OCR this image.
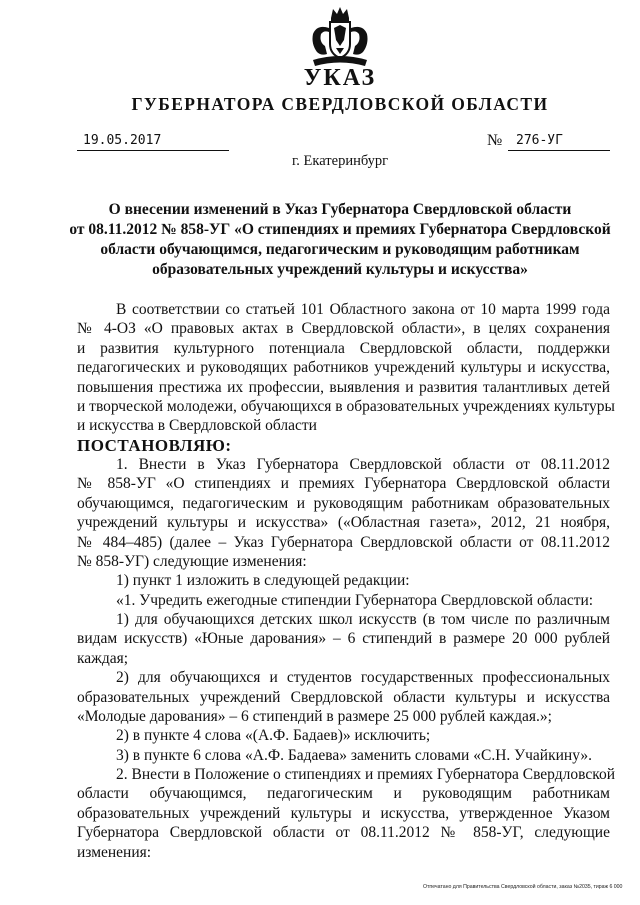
УКАЗ
ГУБЕРНАТОРА СВЕРДЛОВСКОЙ ОБЛАСТИ
19.05.2017	№	276-УГ
г. Екатеринбург
О внесении изменений в Указ Губернатора Свердловской области
от 08.11.2012 № 858-УГ «О стипендиях и премиях Губернатора Свердловской
области обучающимся, педагогическим и руководящим работникам
образовательных учреждений культуры и искусства»
В соответствии со статьей 101 Областного закона от 10 марта 1999 года
№ 4-ОЗ «О правовых актах в Свердловской области», в целях сохранения
и развития культурного потенциала Свердловской области, поддержки
педагогических и руководящих работников учреждений культуры и искусства,
повышения престижа их профессии, выявления и развития талантливых детей
и творческой молодежи, обучающихся в образовательных учреждениях культуры
и искусства в Свердловской области
ПОСТАНОВЛЯЮ:
1. Внести в Указ Губернатора Свердловской области от 08.11.2012
№ 858-УГ «О стипендиях и премиях Губернатора Свердловской области
обучающимся, педагогическим и руководящим работникам образовательных
учреждений культуры и искусства» («Областная газета», 2012, 21 ноября,
№ 484–485) (далее – Указ Губернатора Свердловской области от 08.11.2012
№ 858-УГ) следующие изменения:
1) пункт 1 изложить в следующей редакции:
«1. Учредить ежегодные стипендии Губернатора Свердловской области:
1) для обучающихся детских школ искусств (в том числе по различным
видам искусств) «Юные дарования» – 6 стипендий в размере 20 000 рублей
каждая;
2) для обучающихся и студентов государственных профессиональных
образовательных учреждений Свердловской области культуры и искусства
«Молодые дарования» – 6 стипендий в размере 25 000 рублей каждая.»;
2) в пункте 4 слова «(А.Ф. Бадаев)» исключить;
3) в пункте 6 слова «А.Ф. Бадаева» заменить словами «С.Н. Учайкину».
2. Внести в Положение о стипендиях и премиях Губернатора Свердловской
области обучающимся, педагогическим и руководящим работникам
образовательных учреждений культуры и искусства, утвержденное Указом
Губернатора Свердловской области от 08.11.2012 № 858-УГ, следующие
изменения:
Отпечатано для Правительства Свердловской области, заказ №2035, тираж 6 000
